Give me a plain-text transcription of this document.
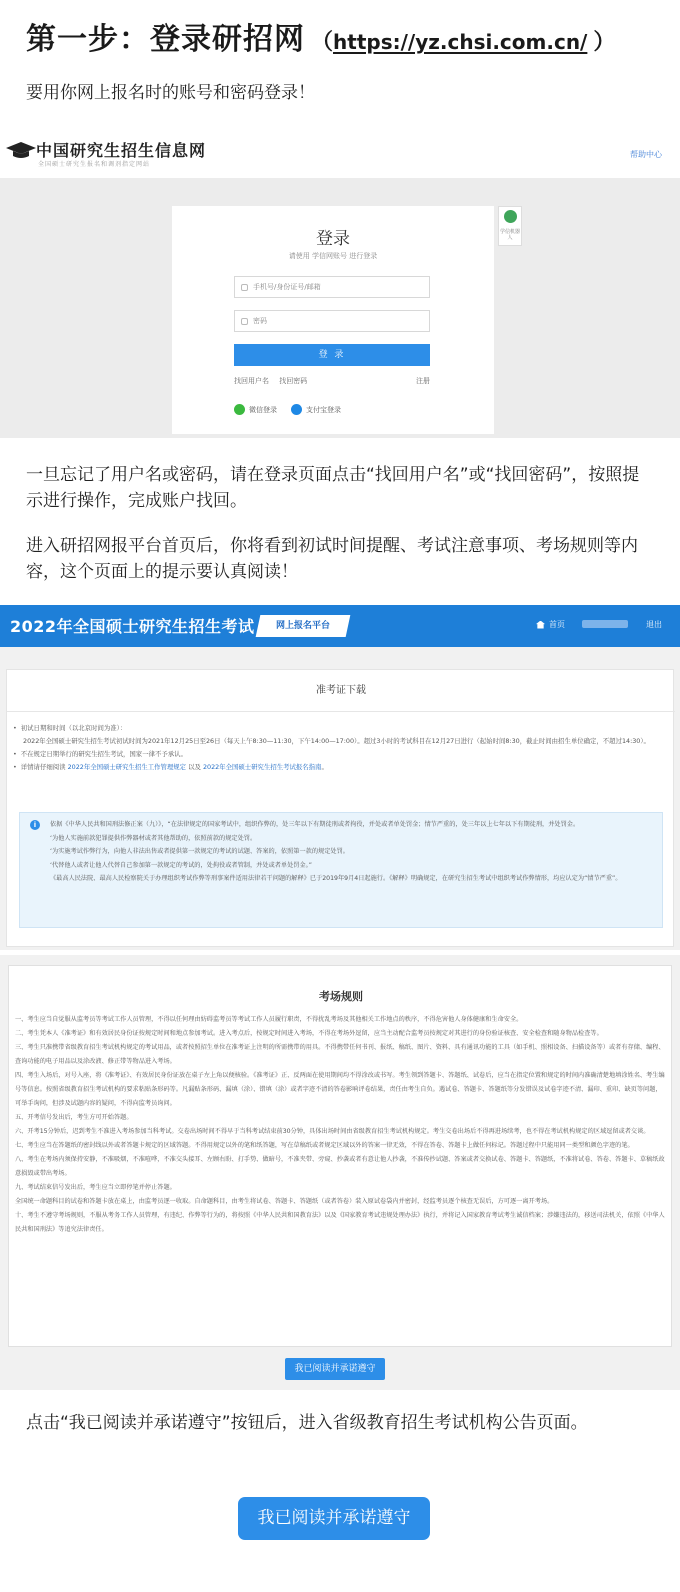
第一步：登录研招网 （ https://yz.chsi.com.cn/ ）
要用你网上报名时的账号和密码登录！
中国研究生招生信息网
全国硕士研究生报名和调剂指定网站
帮助中心
登录
请使用 学信网账号 进行登录
手机号/身份证号/邮箱
密码
登 录
找回用户名 找回密码	注册
微信登录	支付宝登录
学信机器人
一旦忘记了用户名或密码，请在登录页面点击“找回用户名”或“找回密码”，按照提示进行操作，完成账户找回。
进入研招网报平台首页后，你将看到初试时间提醒、考试注意事项、考场规则等内容，这个页面上的提示要认真阅读！
2022年全国硕士研究生招生考试	网上报名平台	首页	退出
准考证下载
• 初试日期和时间（以北京时间为准）：
2022年全国硕士研究生招生考试初试时间为2021年12月25日至26日（每天上午8:30—11:30，下午14:00—17:00）。超过3小时的考试科目在12月27日进行（起始时间8:30，截止时间由招生单位确定，不超过14:30）。
• 不在规定日期举行的研究生招生考试，国家一律不予承认。
• 详情请仔细阅读 2022年全国硕士研究生招生工作管理规定 以及 2022年全国硕士研究生招生考试报名指南。
i	依据《中华人民共和国刑法修正案（九）》，“在法律规定的国家考试中，组织作弊的，处三年以下有期徒刑或者拘役，并处或者单处罚金；情节严重的，处三年以上七年以下有期徒刑，并处罚金。
‘为他人实施前款犯罪提供作弊器材或者其他帮助的，依照前款的规定处罚。
‘为实施考试作弊行为，向他人非法出售或者提供第一款规定的考试的试题、答案的，依照第一款的规定处罚。
‘代替他人或者让他人代替自己参加第一款规定的考试的，处拘役或者管制，并处或者单处罚金。”
《最高人民法院、最高人民检察院关于办理组织考试作弊等刑事案件适用法律若干问题的解释》已于2019年9月4日起施行。《解释》明确规定，在研究生招生考试中组织考试作弊情形，均应认定为“情节严重”。
考场规则
一、考生应当自觉服从监考员等考试工作人员管理，不得以任何理由妨碍监考员等考试工作人员履行职责，不得扰乱考场及其他相关工作地点的秩序，不得危害他人身体健康和生命安全。
二、考生凭本人《准考证》和有效居民身份证按规定时间和地点参加考试。进入考点后，按规定时间进入考场，不得在考场外逗留，应当主动配合监考员按规定对其进行的身份验证核查、安全检查和随身物品检查等。
三、考生只准携带省级教育招生考试机构规定的考试用品，或者按照招生单位在准考证上注明的所需携带的用具。不得携带任何书刊、报纸、稿纸、图片、资料、具有通讯功能的工具（如手机、照相设备、扫描设备等）或者有存储、编程、查询功能的电子用品以及涂改液、修正带等物品进入考场。
四、考生入场后，对号入座，将《准考证》、有效居民身份证放在桌子左上角以便核验。《准考证》正、反两面在使用期间均不得涂改或书写。考生领到答题卡、答题纸、试卷后，应当在指定位置和规定的时间内准确清楚地填涂姓名、考生编号等信息。按照省级教育招生考试机构的要求粘贴条形码等。凡漏贴条形码、漏填（涂）、错填（涂）或者字迹不清的答卷影响评卷结果，责任由考生自负。遇试卷、答题卡、答题纸等分发错误及试卷字迹不清、漏印、重印、缺页等问题，可举手询问，但涉及试题内容的疑问，不得向监考员询问。
五、开考信号发出后，考生方可开始答题。
六、开考15分钟后，迟到考生不准进入考场参加当科考试。交卷出场时间不得早于当科考试结束前30分钟，具体出场时间由省级教育招生考试机构规定。考生交卷出场后不得再进场续考，也不得在考试机构规定的区域逗留或者交谈。
七、考生应当在答题纸的密封线以外或者答题卡规定的区域答题。不得用规定以外的笔和纸答题，写在草稿纸或者规定区域以外的答案一律无效，不得在答卷、答题卡上做任何标记。答题过程中只能用同一类型和颜色字迹的笔。
八、考生在考场内须保持安静，不准吸烟，不准喧哗，不准交头接耳、左顾右盼、打手势、做暗号，不准夹带、旁窥、抄袭或者有意让他人抄袭，不准传抄试题、答案或者交换试卷、答题卡、答题纸，不准将试卷、答卷、答题卡、草稿纸故意损毁或带出考场。
九、考试结束信号发出后，考生应当立即停笔并停止答题。
全国统一命题科目的试卷和答题卡放在桌上，由监考员逐一收取。自命题科目，由考生将试卷、答题卡、答题纸（或者答卷）装入原试卷袋内并密封，经监考员逐个核查无误后，方可逐一离开考场。
十、考生不遵守考场规则，不服从考务工作人员管理，有违纪、作弊等行为的，将按照《中华人民共和国教育法》以及《国家教育考试违规处理办法》执行，并将记入国家教育考试考生诚信档案；涉嫌违法的，移送司法机关，依照《中华人民共和国刑法》等追究法律责任。
我已阅读并承诺遵守
点击“我已阅读并承诺遵守”按钮后，进入省级教育招生考试机构公告页面。
我已阅读并承诺遵守
